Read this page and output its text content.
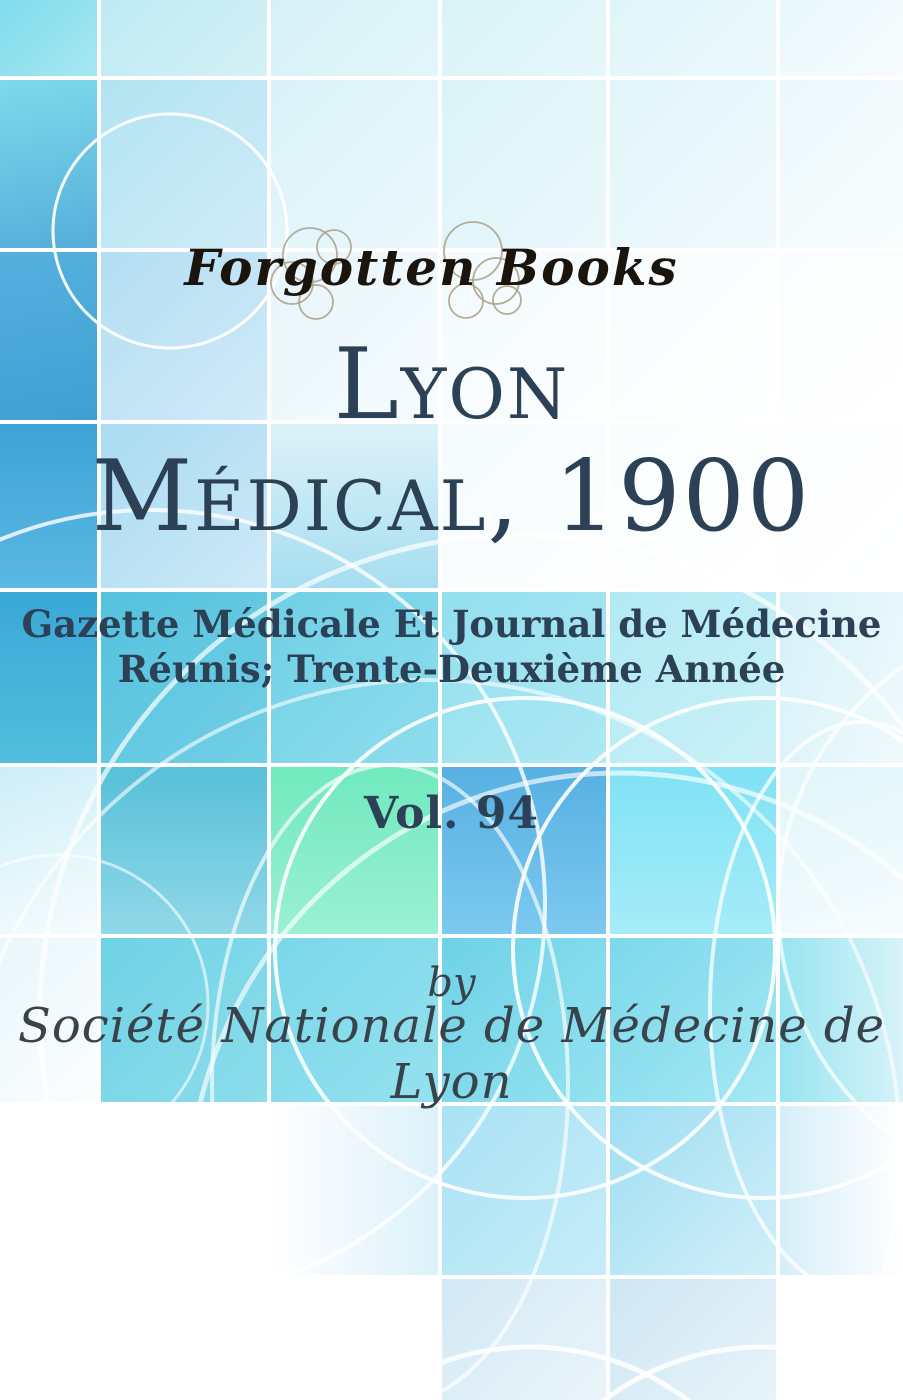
Forgotten Books
Lyon
Médical, 1900
Gazette Médicale Et Journal de Médecine
Réunis; Trente-Deuxième Année
Vol. 94
by
Société Nationale de Médecine de Lyon
